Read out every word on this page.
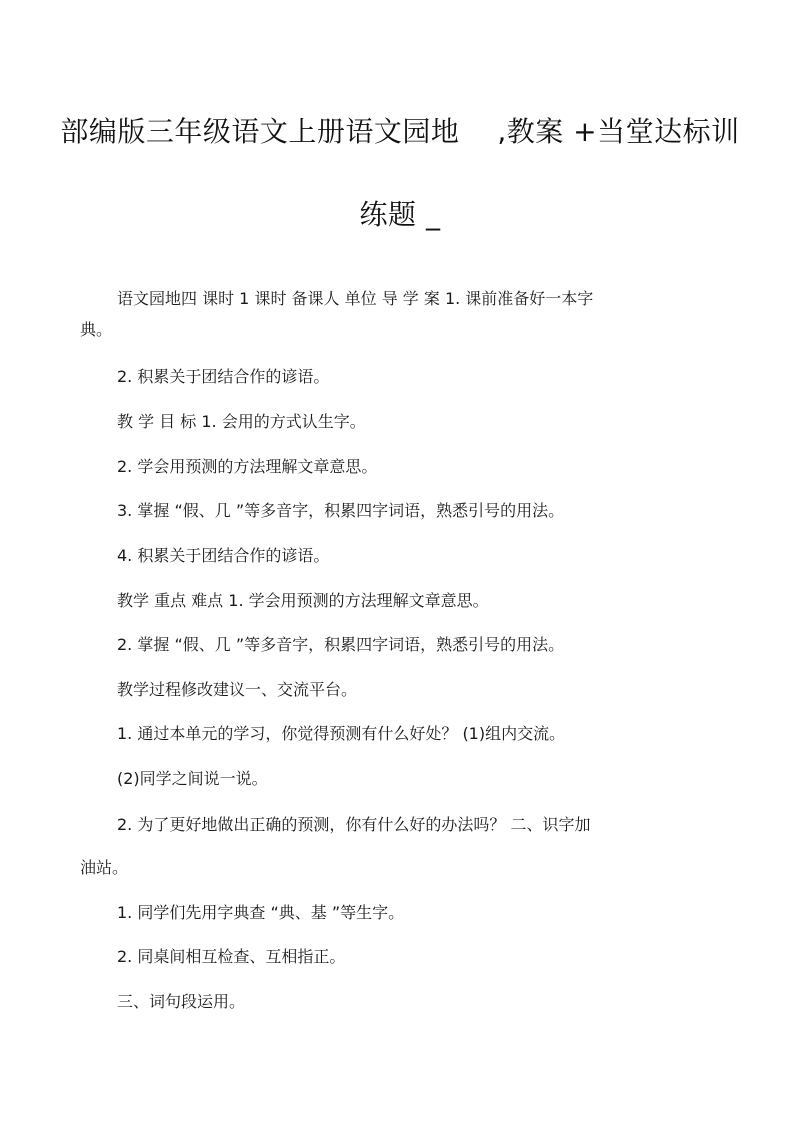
部编版三年级语文上册语文园地 ,教案 +当堂达标训
练题 _
语文园地四 课时 1 课时 备课人 单位 导 学 案 1. 课前准备好一本字
典。
2. 积累关于团结合作的谚语。
教 学 目 标 1. 会用的方式认生字。
2. 学会用预测的方法理解文章意思。
3. 掌握 “假、几 ”等多音字，积累四字词语，熟悉引号的用法。
4. 积累关于团结合作的谚语。
教学 重点 难点 1. 学会用预测的方法理解文章意思。
2. 掌握 “假、几 ”等多音字，积累四字词语，熟悉引号的用法。
教学过程修改建议一、交流平台。
1. 通过本单元的学习，你觉得预测有什么好处？ (1)组内交流。
(2)同学之间说一说。
2. 为了更好地做出正确的预测，你有什么好的办法吗？ 二、识字加
油站。
1. 同学们先用字典查 “典、基 ”等生字。
2. 同桌间相互检查、互相指正。
三、词句段运用。
